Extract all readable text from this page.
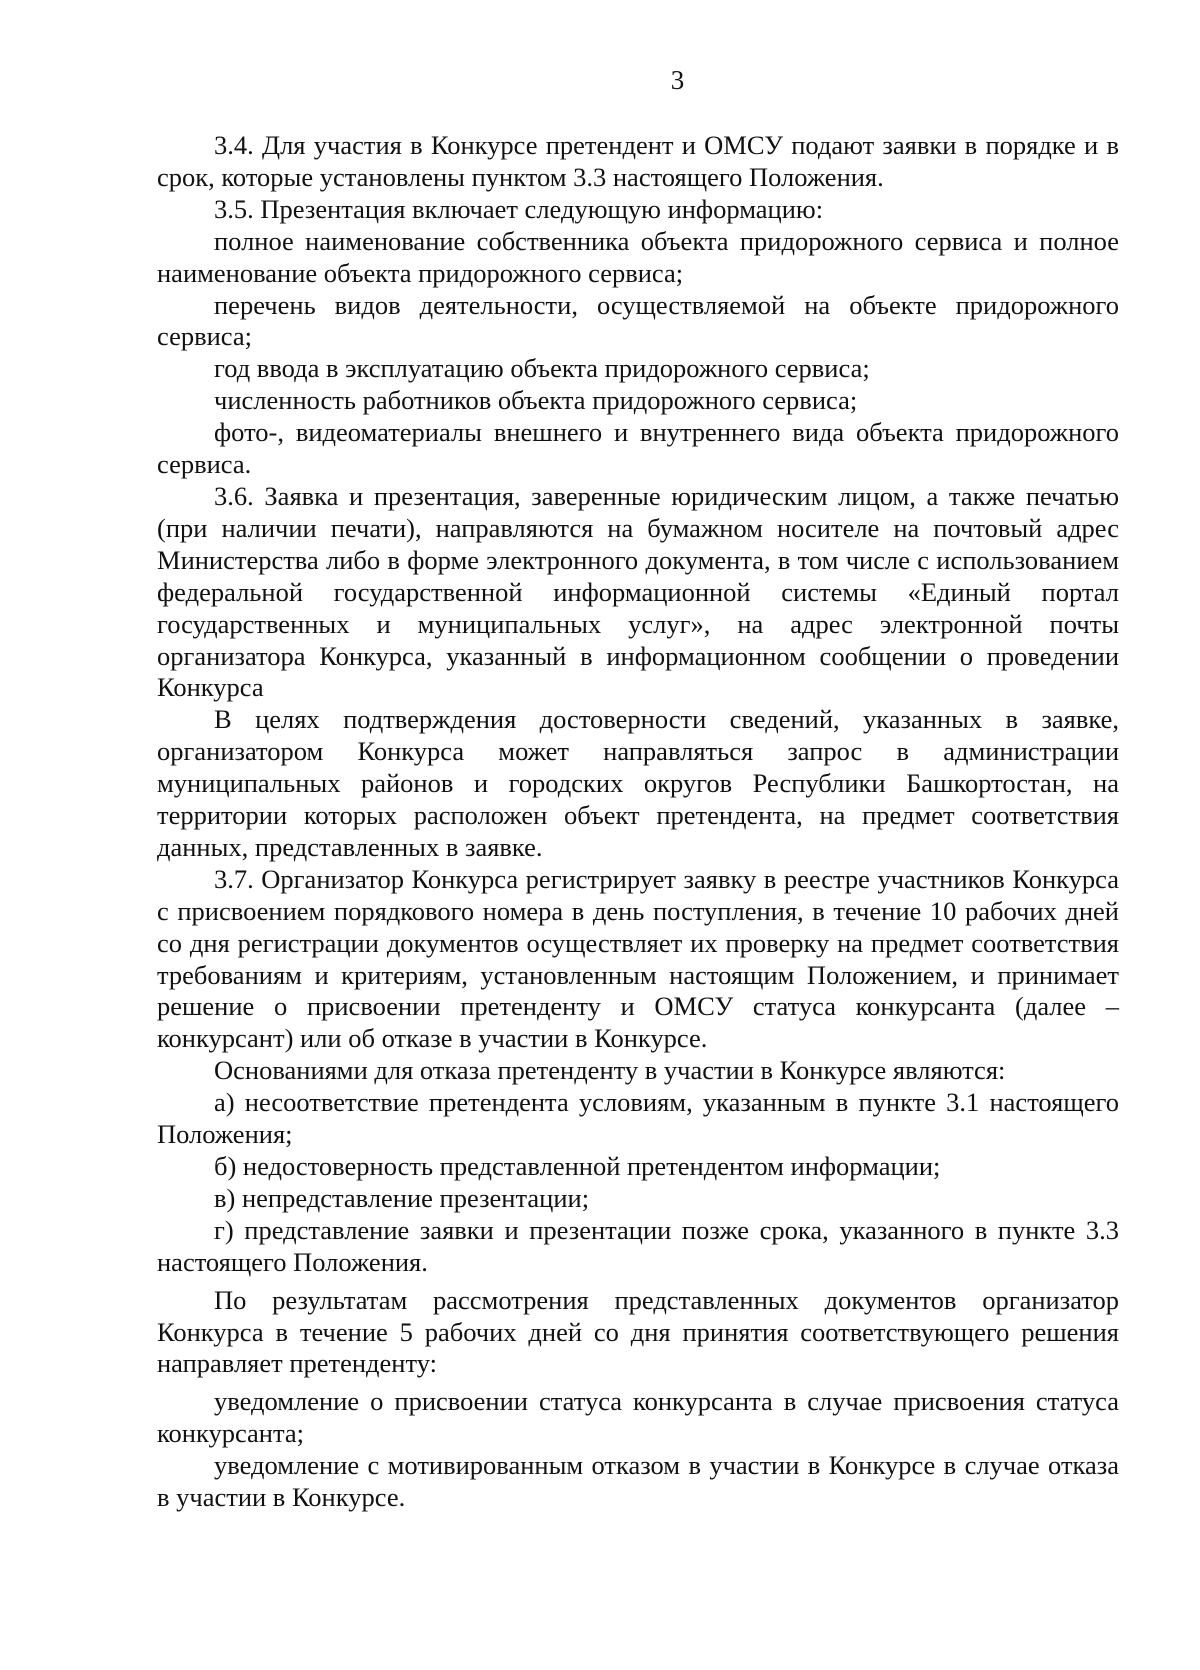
3

3.4. Для участия в Конкурсе претендент и ОМСУ подают заявки в порядке и в срок, которые установлены пунктом 3.3 настоящего Положения.

3.5. Презентация включает следующую информацию:

полное наименование собственника объекта придорожного сервиса и полное наименование объекта придорожного сервиса;

перечень видов деятельности, осуществляемой на объекте придорожного сервиса;

год ввода в эксплуатацию объекта придорожного сервиса;

численность работников объекта придорожного сервиса;

фото-, видеоматериалы внешнего и внутреннего вида объекта придорожного сервиса.

3.6. Заявка и презентация, заверенные юридическим лицом, а также печатью (при наличии печати), направляются на бумажном носителе на почтовый адрес Министерства либо в форме электронного документа, в том числе с использованием федеральной государственной информационной системы «Единый портал государственных и муниципальных услуг», на адрес электронной почты организатора Конкурса, указанный в информационном сообщении о проведении Конкурса

В целях подтверждения достоверности сведений, указанных в заявке, организатором Конкурса может направляться запрос в администрации муниципальных районов и городских округов Республики Башкортостан, на территории которых расположен объект претендента, на предмет соответствия данных, представленных в заявке.

3.7. Организатор Конкурса регистрирует заявку в реестре участников Конкурса с присвоением порядкового номера в день поступления, в течение 10 рабочих дней со дня регистрации документов осуществляет их проверку на предмет соответствия требованиям и критериям, установленным настоящим Положением, и принимает решение о присвоении претенденту и ОМСУ статуса конкурсанта (далее – конкурсант) или об отказе в участии в Конкурсе.

Основаниями для отказа претенденту в участии в Конкурсе являются:

а) несоответствие претендента условиям, указанным в пункте 3.1 настоящего Положения;

б) недостоверность представленной претендентом информации;

в) непредставление презентации;

г) представление заявки и презентации позже срока, указанного в пункте 3.3 настоящего Положения.

По результатам рассмотрения представленных документов организатор Конкурса в течение 5 рабочих дней со дня принятия соответствующего решения направляет претенденту:

уведомление о присвоении статуса конкурсанта в случае присвоения статуса конкурсанта;

уведомление с мотивированным отказом в участии в Конкурсе в случае отказа в участии в Конкурсе.
